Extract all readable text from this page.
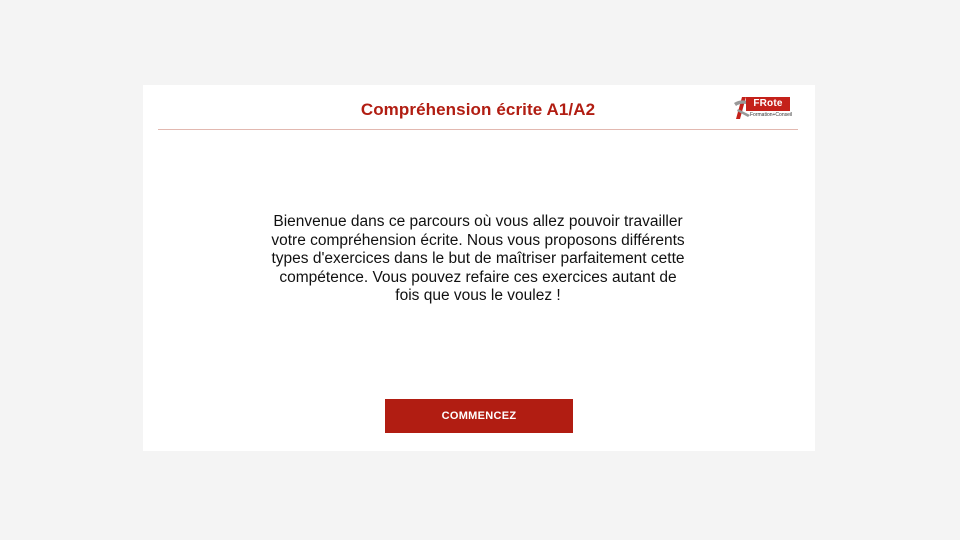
Compréhension écrite A1/A2	FRote
Formation+Conseil
Bienvenue dans ce parcours où vous allez pouvoir travailler votre compréhension écrite. Nous vous proposons différents types d'exercices dans le but de maîtriser parfaitement cette compétence. Vous pouvez refaire ces exercices autant de fois que vous le voulez !
COMMENCEZ
